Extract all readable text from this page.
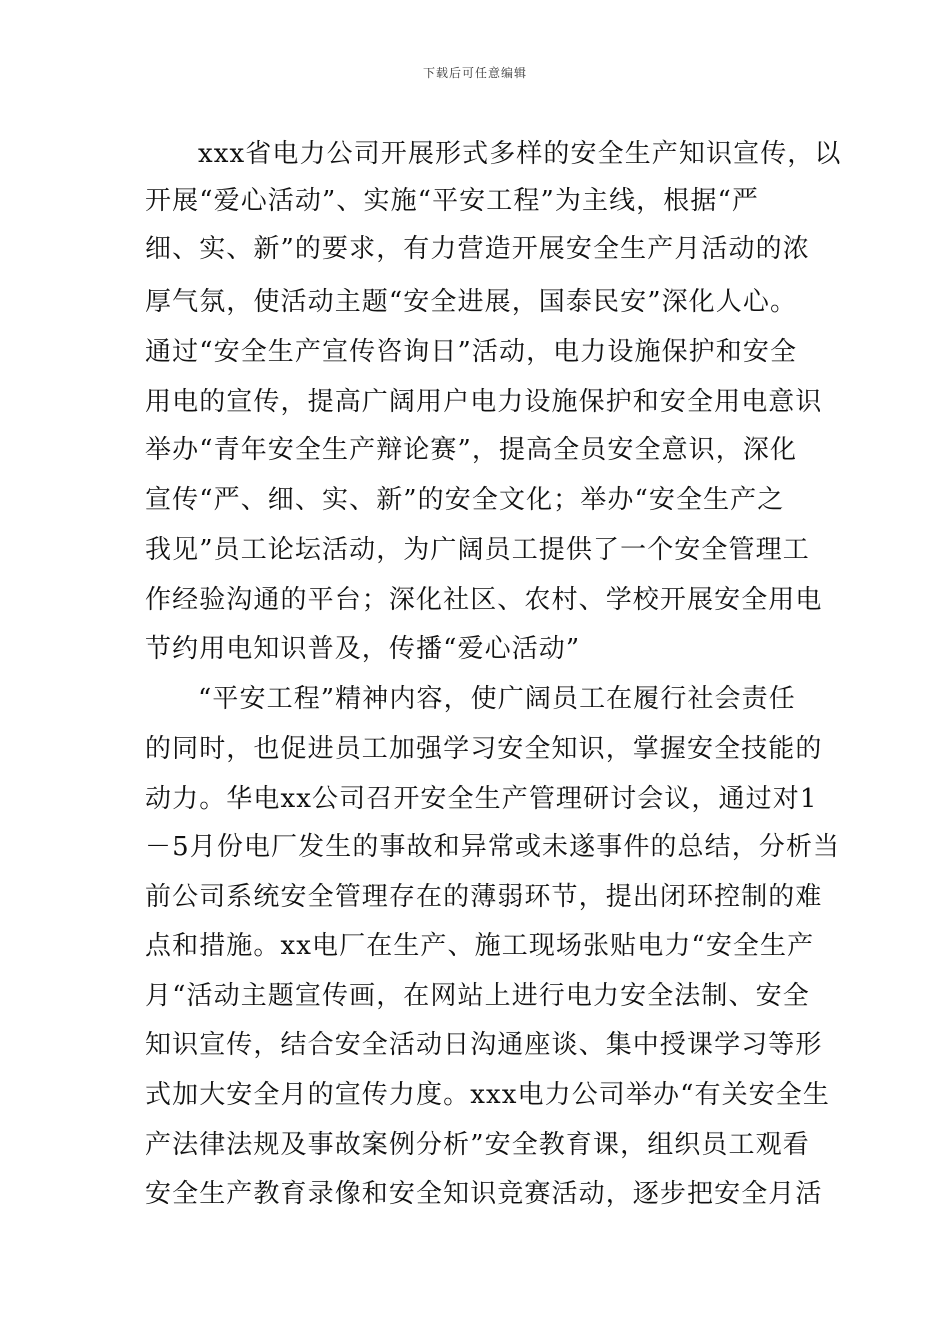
下载后可任意编辑
xxx省电力公司开展形式多样的安全生产知识宣传，以
开展“爱心活动”、实施“平安工程”为主线，根据“严
细、实、新”的要求，有力营造开展安全生产月活动的浓
厚气氛，使活动主题“安全进展，国泰民安”深化人心。
通过“安全生产宣传咨询日”活动，电力设施保护和安全
用电的宣传，提高广阔用户电力设施保护和安全用电意识
举办“青年安全生产辩论赛”，提高全员安全意识，深化
宣传“严、细、实、新”的安全文化；举办“安全生产之
我见”员工论坛活动，为广阔员工提供了一个安全管理工
作经验沟通的平台；深化社区、农村、学校开展安全用电
节约用电知识普及，传播“爱心活动”
“平安工程”精神内容，使广阔员工在履行社会责任
的同时，也促进员工加强学习安全知识，掌握安全技能的
动力。华电xx公司召开安全生产管理研讨会议，通过对1
－5月份电厂发生的事故和异常或未遂事件的总结，分析当
前公司系统安全管理存在的薄弱环节，提出闭环控制的难
点和措施。xx电厂在生产、施工现场张贴电力“安全生产
月“活动主题宣传画，在网站上进行电力安全法制、安全
知识宣传，结合安全活动日沟通座谈、集中授课学习等形
式加大安全月的宣传力度。xxx电力公司举办“有关安全生
产法律法规及事故案例分析”安全教育课，组织员工观看
安全生产教育录像和安全知识竞赛活动，逐步把安全月活
